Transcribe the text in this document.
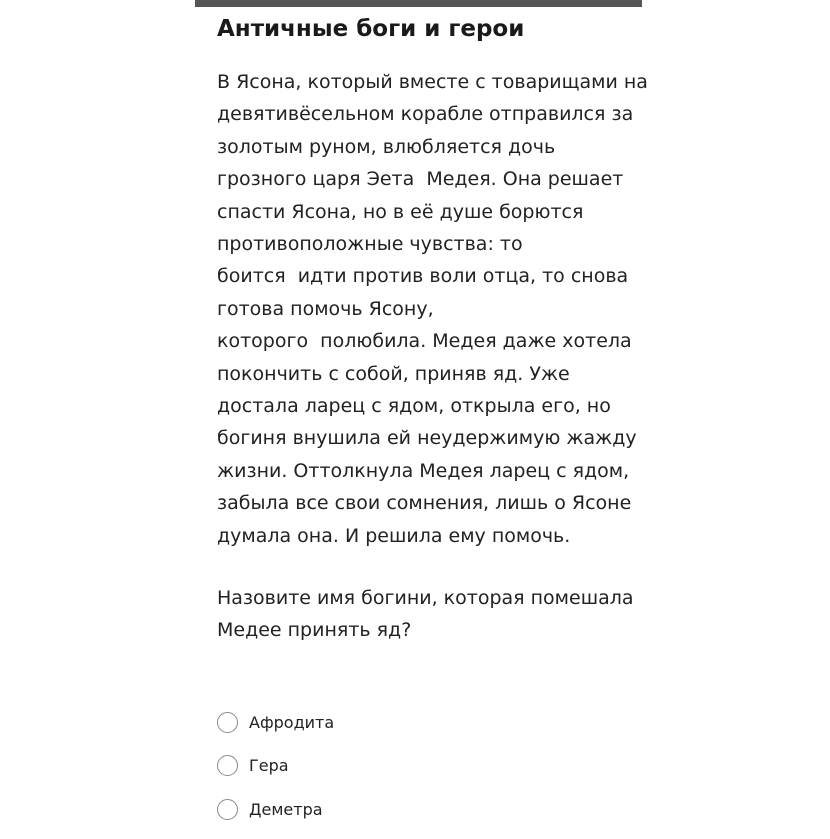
Античные боги и герои
В Ясона, который вместе с товарищами на
девятивёсельном корабле отправился за
золотым руном, влюбляется дочь
грозного царя Эета  Медея. Она решает
спасти Ясона, но в её душе борются
противоположные чувства: то
боится  идти против воли отца, то снова
готова помочь Ясону,
которого  полюбила. Медея даже хотела
покончить с собой, приняв яд. Уже
достала ларец с ядом, открыла его, но
богиня внушила ей неудержимую жажду
жизни. Оттолкнула Медея ларец с ядом,
забыла все свои сомнения, лишь о Ясоне
думала она. И решила ему помочь.
Назовите имя богини, которая помешала
Медее принять яд?
Афродита
Гера
Деметра
